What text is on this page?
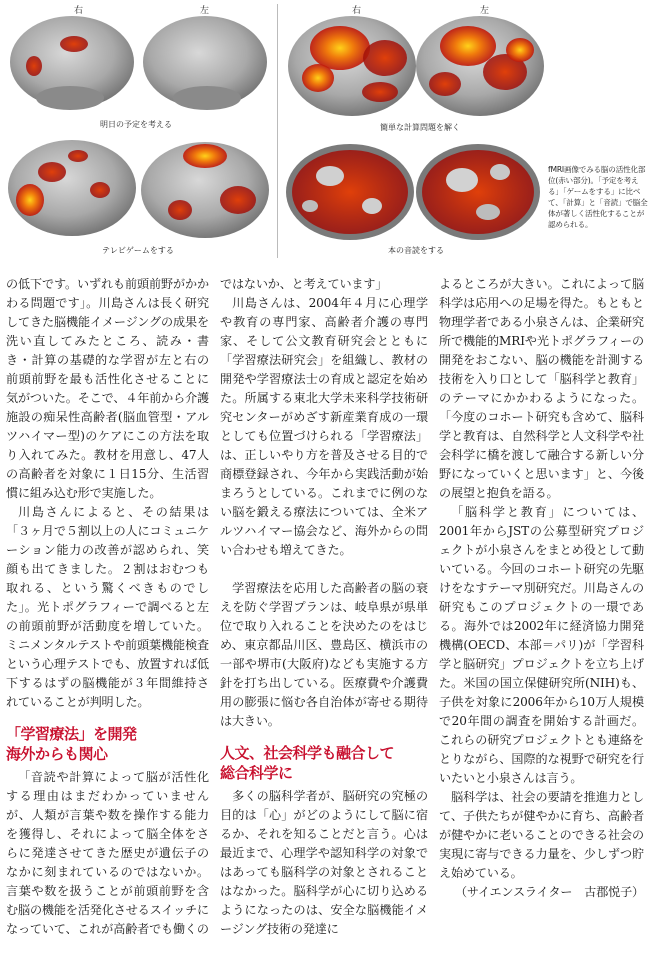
右	左	右	左
明日の予定を考える	簡単な計算問題を解く
テレビゲームをする	本の音読をする
fMRI画像でみる脳の活性化部位(赤い部分)。「予定を考える」「ゲームをする」に比べて、「計算」と「音読」で脳全体が著しく活性化することが認められる。

の低下です。いずれも前頭前野がかかわる問題です」。川島さんは長く研究してきた脳機能イメージングの成果を洗い直してみたところ、読み・書き・計算の基礎的な学習が左と右の前頭前野を最も活性化させることに気がついた。そこで、４年前から介護施設の痴呆性高齢者(脳血管型・アルツハイマー型)のケアにこの方法を取り入れてみた。教材を用意し、47人の高齢者を対象に１日15分、生活習慣に組み込む形で実施した。

川島さんによると、その結果は「３ヶ月で５割以上の人にコミュニケーション能力の改善が認められ、笑顔も出てきました。２割はおむつも取れる、という驚くべきものでした」。光トポグラフィーで調べると左の前頭前野が活動度を増していた。ミニメンタルテストや前頭葉機能検査という心理テストでも、放置すれば低下するはずの脳機能が３年間維持されていることが判明した。

「学習療法」を開発
海外からも関心

「音読や計算によって脳が活性化する理由はまだわかっていませんが、人類が言葉や数を操作する能力を獲得し、それによって脳全体をさらに発達させてきた歴史が遺伝子のなかに刻まれているのではないか。言葉や数を扱うことが前頭前野を含む脳の機能を活発化させるスイッチになっていて、これが高齢者でも働くの

ではないか、と考えています」

川島さんは、2004年４月に心理学や教育の専門家、高齢者介護の専門家、そして公文教育研究会とともに「学習療法研究会」を組織し、教材の開発や学習療法士の育成と認定を始めた。所属する東北大学未来科学技術研究センターがめざす新産業育成の一環としても位置づけられる「学習療法」は、正しいやり方を普及させる目的で商標登録され、今年から実践活動が始まろうとしている。これまでに例のない脳を鍛える療法については、全米アルツハイマー協会など、海外からの問い合わせも増えてきた。

学習療法を応用した高齢者の脳の衰えを防ぐ学習プランは、岐阜県が県単位で取り入れることを決めたのをはじめ、東京都品川区、豊島区、横浜市の一部や堺市(大阪府)なども実施する方針を打ち出している。医療費や介護費用の膨張に悩む各自治体が寄せる期待は大きい。

人文、社会科学も融合して
総合科学に

多くの脳科学者が、脳研究の究極の目的は「心」がどのようにして脳に宿るか、それを知ることだと言う。心は最近まで、心理学や認知科学の対象ではあっても脳科学の対象とされることはなかった。脳科学が心に切り込めるようになったのは、安全な脳機能イメージング技術の発達に

よるところが大きい。これによって脳科学は応用への足場を得た。もともと物理学者である小泉さんは、企業研究所で機能的MRIや光トポグラフィーの開発をおこない、脳の機能を計測する技術を入り口として「脳科学と教育」のテーマにかかわるようになった。「今度のコホート研究も含めて、脳科学と教育は、自然科学と人文科学や社会科学に橋を渡して融合する新しい分野になっていくと思います」と、今後の展望と抱負を語る。

「脳科学と教育」については、2001年からJSTの公募型研究プロジェクトが小泉さんをまとめ役として動いている。今回のコホート研究の先駆けをなすテーマ別研究だ。川島さんの研究もこのプロジェクトの一環である。海外では2002年に経済協力開発機構(OECD、本部＝パリ)が「学習科学と脳研究」プロジェクトを立ち上げた。米国の国立保健研究所(NIH)も、子供を対象に2006年から10万人規模で20年間の調査を開始する計画だ。これらの研究プロジェクトとも連絡をとりながら、国際的な視野で研究を行いたいと小泉さんは言う。

脳科学は、社会の要請を推進力として、子供たちが健やかに育ち、高齢者が健やかに老いることのできる社会の実現に寄与できる力量を、少しずつ貯え始めている。

（サイエンスライター　古郡悦子）
